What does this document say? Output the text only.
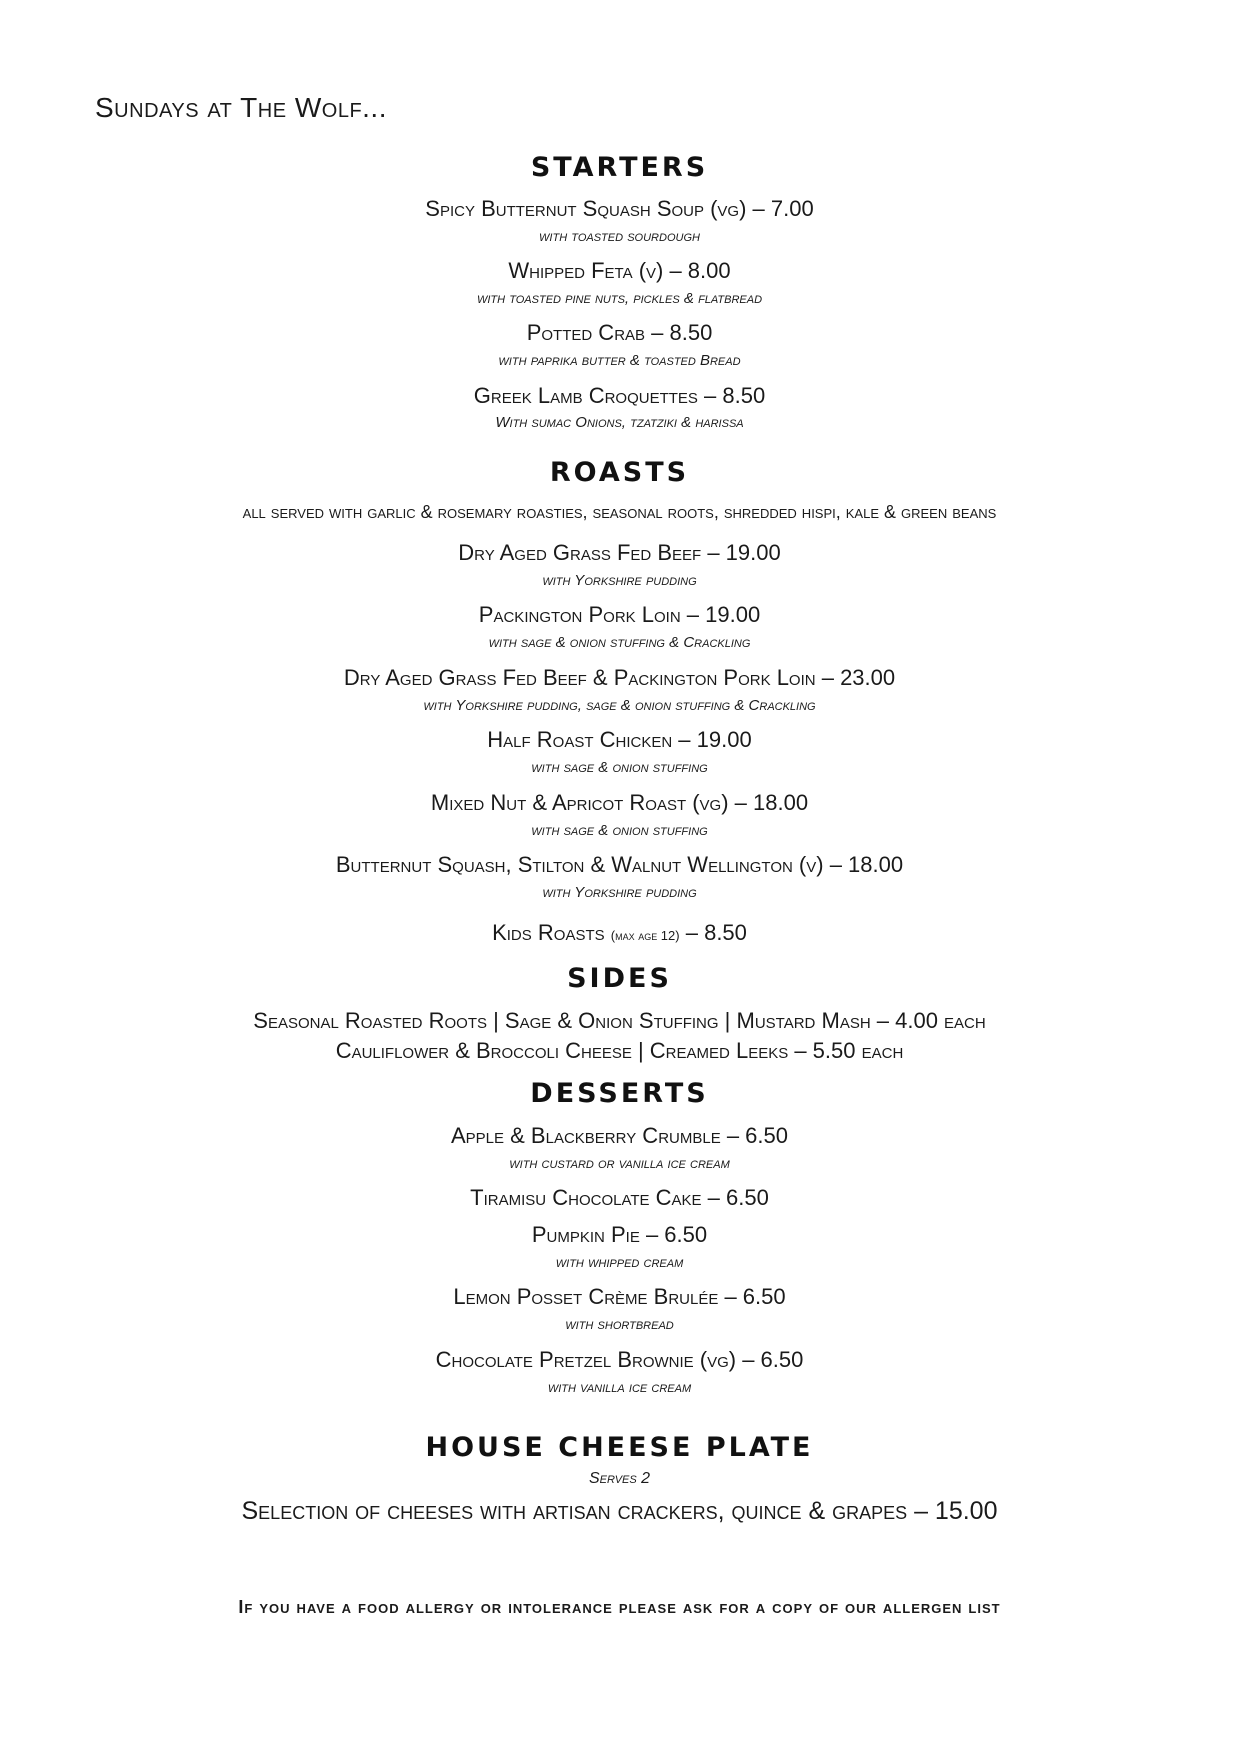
Sundays at The Wolf...
STARTERS
Spicy Butternut Squash Soup (vg) – 7.00
with toasted sourdough
Whipped Feta (v) – 8.00
with toasted pine nuts, pickles & flatbread
Potted Crab – 8.50
with paprika butter & toasted Bread
Greek Lamb Croquettes – 8.50
With sumac Onions, tzatziki & harissa
ROASTS
all served with garlic & rosemary roasties, seasonal roots, shredded hispi, kale & green beans
Dry Aged Grass Fed Beef – 19.00
with Yorkshire pudding
Packington Pork Loin – 19.00
with sage & onion stuffing & Crackling
Dry Aged Grass Fed Beef & Packington Pork Loin – 23.00
with Yorkshire pudding, sage & onion stuffing & Crackling
Half Roast Chicken – 19.00
with sage & onion stuffing
Mixed Nut & Apricot Roast (vg) – 18.00
with sage & onion stuffing
Butternut Squash, Stilton & Walnut Wellington (v) – 18.00
with Yorkshire pudding
Kids Roasts (max age 12) – 8.50
SIDES
Seasonal Roasted Roots | Sage & Onion Stuffing | Mustard Mash – 4.00 each
Cauliflower & Broccoli Cheese | Creamed Leeks – 5.50 each
DESSERTS
Apple & Blackberry Crumble – 6.50
with custard or vanilla ice cream
Tiramisu Chocolate Cake – 6.50
Pumpkin Pie – 6.50
with whipped cream
Lemon Posset Crème Brulée – 6.50
with shortbread
Chocolate Pretzel Brownie (vg) – 6.50
with vanilla ice cream
HOUSE CHEESE PLATE
Serves 2
Selection of cheeses with artisan crackers, quince & grapes – 15.00
If you have a food allergy or intolerance please ask for a copy of our allergen list
